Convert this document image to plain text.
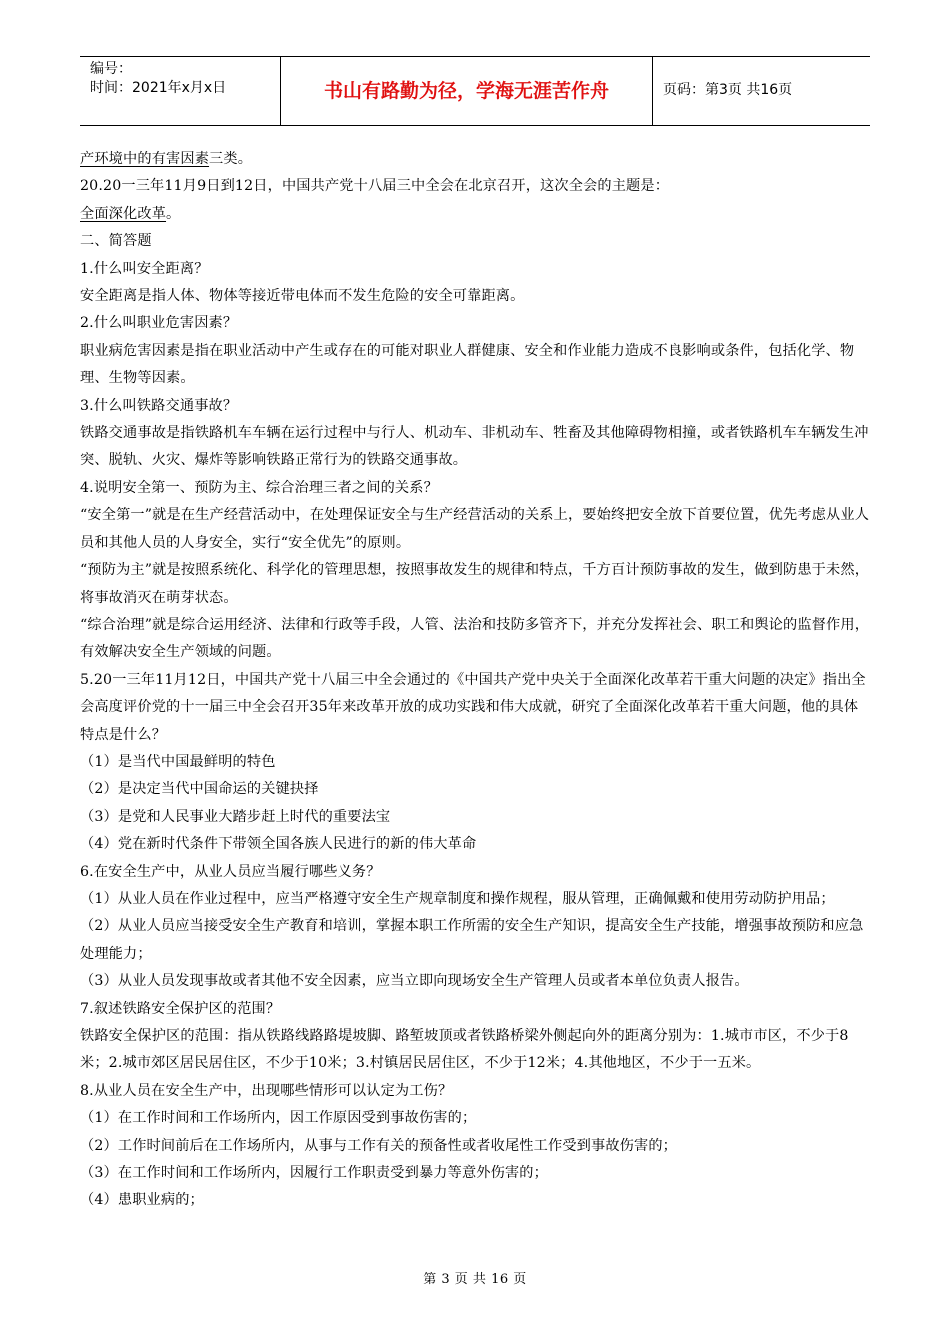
编号：
时间：2021年x月x日	书山有路勤为径，学海无涯苦作舟	页码：第3页 共16页

产环境中的有害因素三类。

20.20一三年11月9日到12日，中国共产党十八届三中全会在北京召开，这次全会的主题是：

全面深化改革。

二、简答题

1.什么叫安全距离？

安全距离是指人体、物体等接近带电体而不发生危险的安全可靠距离。

2.什么叫职业危害因素？

职业病危害因素是指在职业活动中产生或存在的可能对职业人群健康、安全和作业能力造成不良影响或条件，包括化学、物理、生物等因素。

3.什么叫铁路交通事故？

铁路交通事故是指铁路机车车辆在运行过程中与行人、机动车、非机动车、牲畜及其他障碍物相撞，或者铁路机车车辆发生冲突、脱轨、火灾、爆炸等影响铁路正常行为的铁路交通事故。

4.说明安全第一、预防为主、综合治理三者之间的关系？

“安全第一”就是在生产经营活动中，在处理保证安全与生产经营活动的关系上，要始终把安全放下首要位置，优先考虑从业人员和其他人员的人身安全，实行“安全优先”的原则。

“预防为主”就是按照系统化、科学化的管理思想，按照事故发生的规律和特点，千方百计预防事故的发生，做到防患于未然，将事故消灭在萌芽状态。

“综合治理”就是综合运用经济、法律和行政等手段，人管、法治和技防多管齐下，并充分发挥社会、职工和舆论的监督作用，有效解决安全生产领域的问题。

5.20一三年11月12日，中国共产党十八届三中全会通过的《中国共产党中央关于全面深化改革若干重大问题的决定》指出全会高度评价党的十一届三中全会召开35年来改革开放的成功实践和伟大成就，研究了全面深化改革若干重大问题，他的具体特点是什么？

（1）是当代中国最鲜明的特色

（2）是决定当代中国命运的关键抉择

（3）是党和人民事业大踏步赶上时代的重要法宝

（4）党在新时代条件下带领全国各族人民进行的新的伟大革命

6.在安全生产中，从业人员应当履行哪些义务？

（1）从业人员在作业过程中，应当严格遵守安全生产规章制度和操作规程，服从管理，正确佩戴和使用劳动防护用品；

（2）从业人员应当接受安全生产教育和培训，掌握本职工作所需的安全生产知识，提高安全生产技能，增强事故预防和应急处理能力；

（3）从业人员发现事故或者其他不安全因素，应当立即向现场安全生产管理人员或者本单位负责人报告。

7.叙述铁路安全保护区的范围？

铁路安全保护区的范围：指从铁路线路路堤坡脚、路堑坡顶或者铁路桥梁外侧起向外的距离分别为：1.城市市区，不少于8米；2.城市郊区居民居住区，不少于10米；3.村镇居民居住区，不少于12米；4.其他地区，不少于一五米。

8.从业人员在安全生产中，出现哪些情形可以认定为工伤？

（1）在工作时间和工作场所内，因工作原因受到事故伤害的；

（2）工作时间前后在工作场所内，从事与工作有关的预备性或者收尾性工作受到事故伤害的；

（3）在工作时间和工作场所内，因履行工作职责受到暴力等意外伤害的；

（4）患职业病的；

第 3 页 共 16 页
